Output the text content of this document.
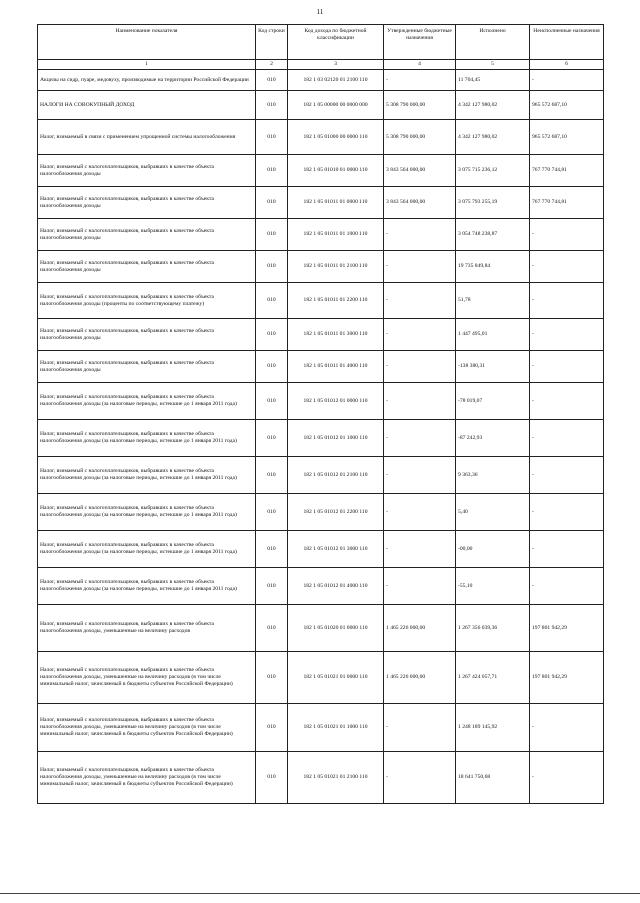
11
Наименование показателя	Код строки	Код дохода по бюджетной классификации	Утвержденные бюджетные назначения	Исполнено	Неисполненные назначения
1	2	3	4	5	6
Акцизы на сидр, пуаре, медовуху, производимые на территории Российской Федерации	010	182 1 03 02120 01 2100 110	-	11 704,45	-
НАЛОГИ НА СОВОКУПНЫЙ ДОХОД	010	182 1 05 00000 00 0000 000	5 308 790 000,00	4 342 127 980,02	965 572 687,10
Налог, взимаемый в связи с применением упрощенной системы налогообложения	010	182 1 05 01000 00 0000 110	5 308 790 000,00	4 342 127 980,02	965 572 687,10
Налог, взимаемый с налогоплательщиков, выбравших в качестве объекта налогообложения доходы	010	182 1 05 01010 01 0000 110	3 843 564 000,00	3 075 715 236,12	767 770 744,81
Налог, взимаемый с налогоплательщиков, выбравших в качестве объекта налогообложения доходы	010	182 1 05 01011 01 0000 110	3 843 564 000,00	3 075 793 255,19	767 770 744,81
Налог, взимаемый с налогоплательщиков, выбравших в качестве объекта налогообложения доходы	010	182 1 05 01011 01 1000 110	-	3 054 748 238,87	-
Налог, взимаемый с налогоплательщиков, выбравших в качестве объекта налогообложения доходы	010	182 1 05 01011 01 2100 110	-	19 735 849,84	-
Налог, взимаемый с налогоплательщиков, выбравших в качестве объекта налогообложения доходы (проценты по соответствующему платежу)	010	182 1 05 01011 01 2200 110	-	51,78	-
Налог, взимаемый с налогоплательщиков, выбравших в качестве объекта налогообложения доходы	010	182 1 05 01011 01 3000 110	-	1 447 495,01	-
Налог, взимаемый с налогоплательщиков, выбравших в качестве объекта налогообложения доходы	010	182 1 05 01011 01 4000 110	-	-138 380,31	-
Налог, взимаемый с налогоплательщиков, выбравших в качестве объекта налогообложения доходы (за налоговые периоды, истекшие до 1 января 2011 года)	010	182 1 05 01012 01 0000 110	-	-78 019,07	-
Налог, взимаемый с налогоплательщиков, выбравших в качестве объекта налогообложения доходы (за налоговые периоды, истекшие до 1 января 2011 года)	010	182 1 05 01012 01 1000 110	-	-87 242,93	-
Налог, взимаемый с налогоплательщиков, выбравших в качестве объекта налогообложения доходы (за налоговые периоды, истекшие до 1 января 2011 года)	010	182 1 05 01012 01 2100 110	-	9 363,36	-
Налог, взимаемый с налогоплательщиков, выбравших в качестве объекта налогообложения доходы (за налоговые периоды, истекшие до 1 января 2011 года)	010	182 1 05 01012 01 2200 110	-	5,40	-
Налог, взимаемый с налогоплательщиков, выбравших в качестве объекта налогообложения доходы (за налоговые периоды, истекшие до 1 января 2011 года)	010	182 1 05 01012 01 3000 110	-	-00,00	-
Налог, взимаемый с налогоплательщиков, выбравших в качестве объекта налогообложения доходы (за налоговые периоды, истекшие до 1 января 2011 года)	010	182 1 05 01012 01 4000 110	-	-55,10	-
Налог, взимаемый с налогоплательщиков, выбравших в качестве объекта налогообложения доходы, уменьшенные на величину расходов	010	182 1 05 01020 01 0000 110	1 465 226 000,00	1 267 356 039,36	197 801 942,29
Налог, взимаемый с налогоплательщиков, выбравших в качестве объекта налогообложения доходы, уменьшенные на величину расходов (в том числе минимальный налог, зачисляемый в бюджеты субъектов Российской Федерации)	010	182 1 05 01021 01 0000 110	1 465 226 000,00	1 267 424 057,71	197 801 942,29
Налог, взимаемый с налогоплательщиков, выбравших в качестве объекта налогообложения доходы, уменьшенные на величину расходов (в том числе минимальный налог, зачисляемый в бюджеты субъектов Российской Федерации)	010	182 1 05 01021 01 1000 110	-	1 248 189 145,92	-
Налог, взимаемый с налогоплательщиков, выбравших в качестве объекта налогообложения доходы, уменьшенные на величину расходов (в том числе минимальный налог, зачисляемый в бюджеты субъектов Российской Федерации)	010	182 1 05 01021 01 2100 110	-	18 641 750,68	-
